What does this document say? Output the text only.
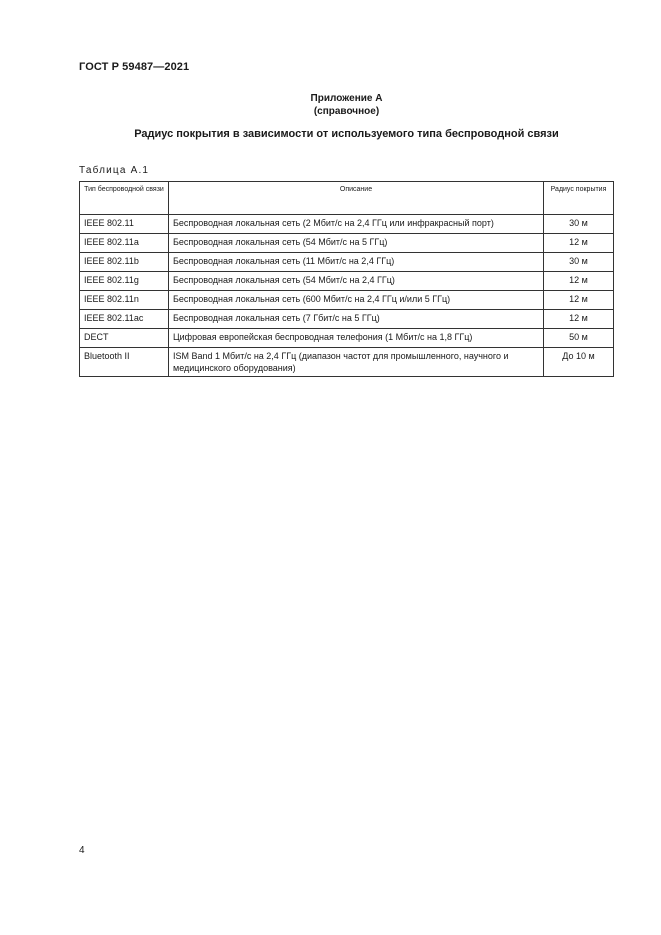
ГОСТ Р 59487—2021
Приложение А
(справочное)
Радиус покрытия в зависимости от используемого типа беспроводной связи
Таблица А.1
Тип беспроводной связи	Описание	Радиус покрытия
IEEE 802.11	Беспроводная локальная сеть (2 Мбит/с на 2,4 ГГц или инфракрасный порт)	30 м
IEEE 802.11a	Беспроводная локальная сеть (54 Мбит/с на 5 ГГц)	12 м
IEEE 802.11b	Беспроводная локальная сеть (11 Мбит/с на 2,4 ГГц)	30 м
IEEE 802.11g	Беспроводная локальная сеть (54 Мбит/с на 2,4 ГГц)	12 м
IEEE 802.11n	Беспроводная локальная сеть (600 Мбит/с на 2,4 ГГц и/или 5 ГГц)	12 м
IEEE 802.11ac	Беспроводная локальная сеть (7 Гбит/с на 5 ГГц)	12 м
DECT	Цифровая европейская беспроводная телефония (1 Мбит/с на 1,8 ГГц)	50 м
Bluetooth II	ISM Band 1 Мбит/с на 2,4 ГГц (диапазон частот для промышленного, научного и медицинского оборудования)	До 10 м
4
